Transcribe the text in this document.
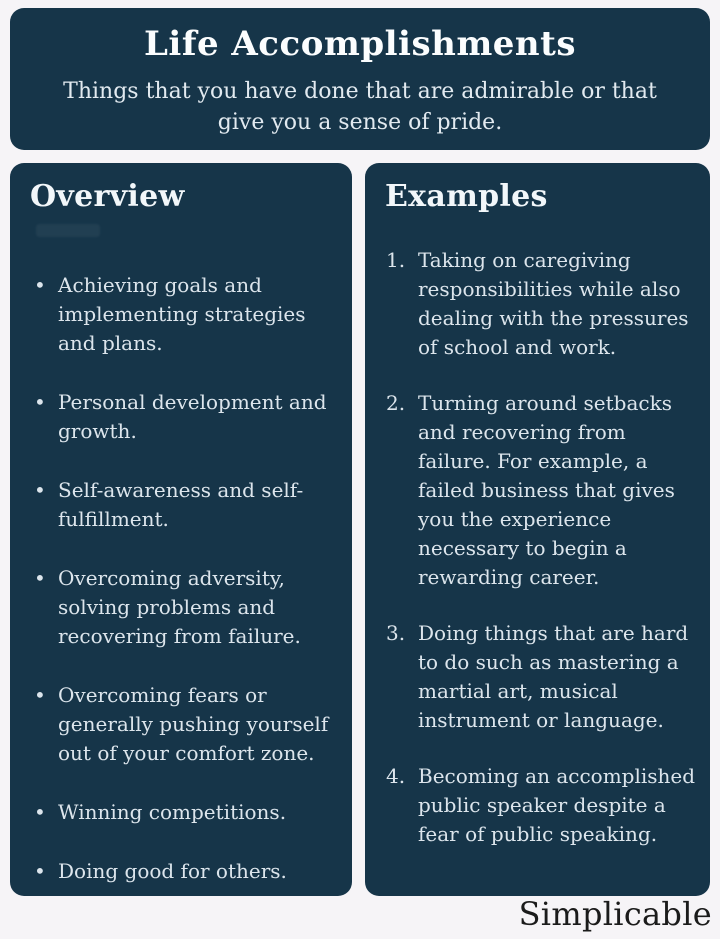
Life Accomplishments
Things that you have done that are admirable or that give you a sense of pride.
Overview
• Achieving goals and implementing strategies and plans.
• Personal development and growth.
• Self-awareness and self-fulfillment.
• Overcoming adversity, solving problems and recovering from failure.
• Overcoming fears or generally pushing yourself out of your comfort zone.
• Winning competitions.
• Doing good for others.
Examples
Taking on caregiving responsibilities while also dealing with the pressures of school and work.
Turning around setbacks and recovering from failure. For example, a failed business that gives you the experience necessary to begin a rewarding career.
Doing things that are hard to do such as mastering a martial art, musical instrument or language.
Becoming an accomplished public speaker despite a fear of public speaking.
Simplicable
